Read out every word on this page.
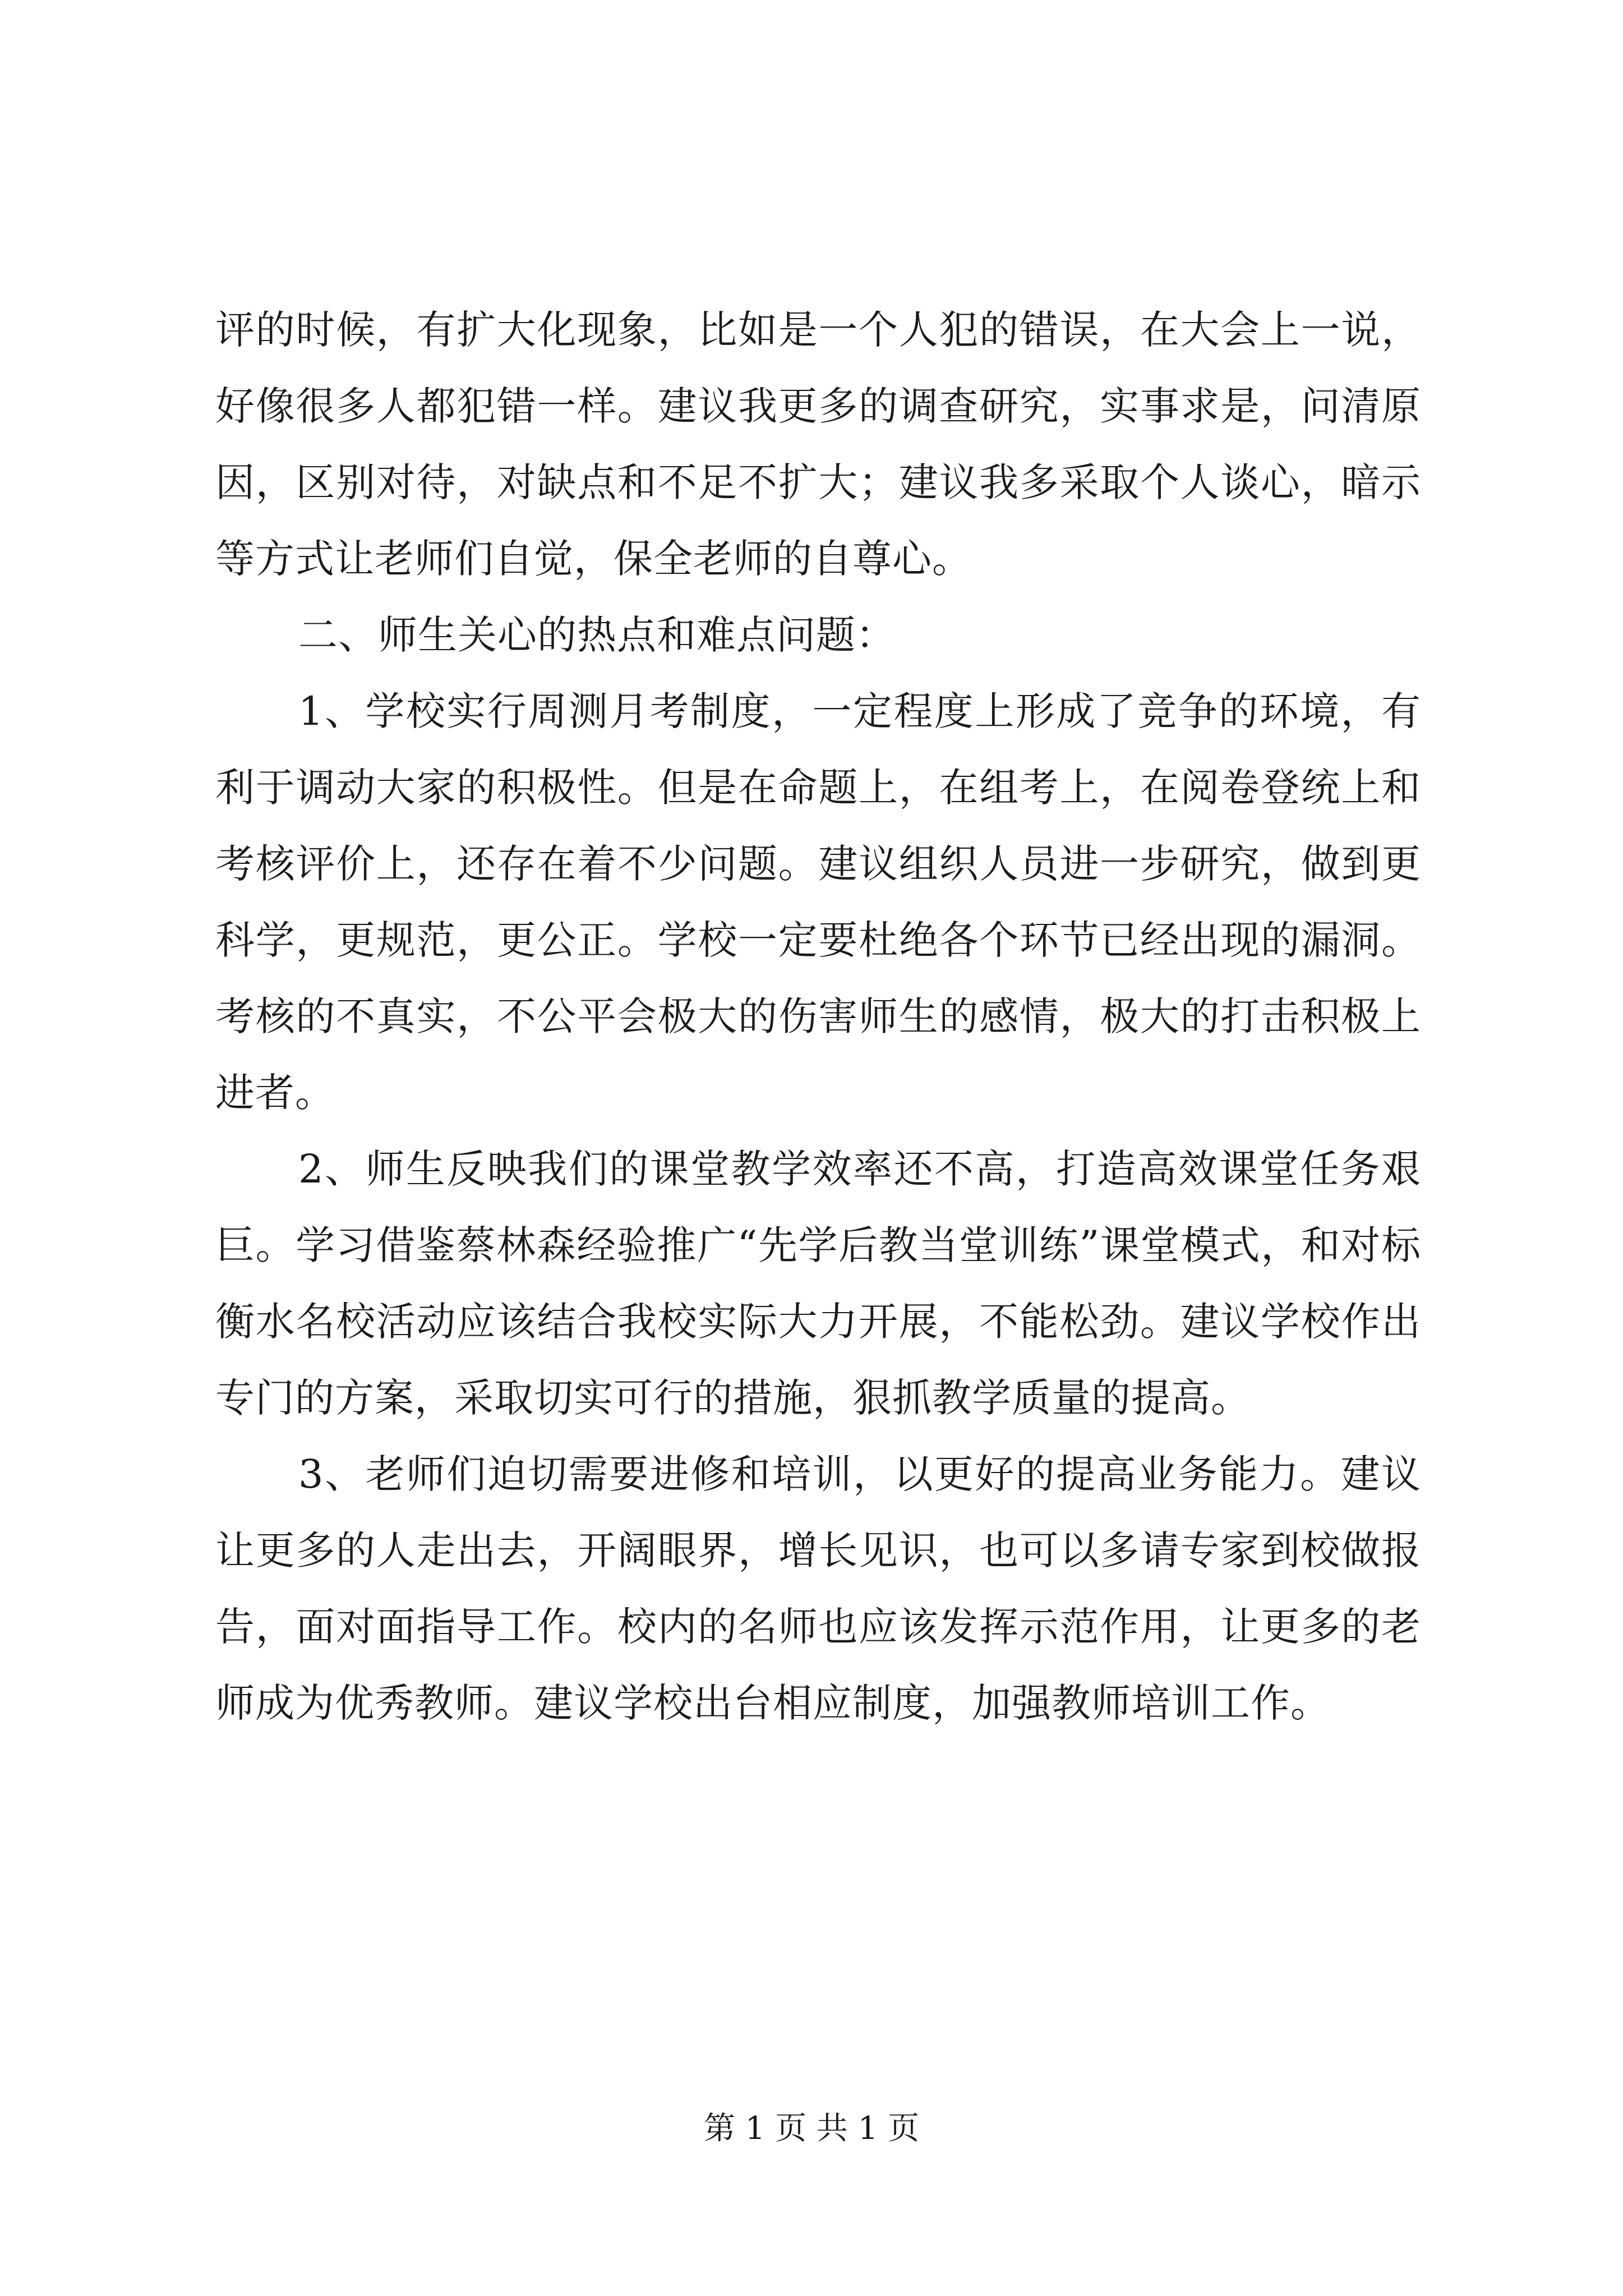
评的时候，有扩大化现象，比如是一个人犯的错误，在大会上一说，好像很多人都犯错一样。建议我更多的调查研究，实事求是，问清原因，区别对待，对缺点和不足不扩大；建议我多采取个人谈心，暗示等方式让老师们自觉，保全老师的自尊心。

二、师生关心的热点和难点问题：

1、学校实行周测月考制度，一定程度上形成了竞争的环境，有利于调动大家的积极性。但是在命题上，在组考上，在阅卷登统上和考核评价上，还存在着不少问题。建议组织人员进一步研究，做到更科学，更规范，更公正。学校一定要杜绝各个环节已经出现的漏洞。考核的不真实，不公平会极大的伤害师生的感情，极大的打击积极上进者。

2、师生反映我们的课堂教学效率还不高，打造高效课堂任务艰巨。学习借鉴蔡林森经验推广“先学后教当堂训练”课堂模式，和对标衡水名校活动应该结合我校实际大力开展，不能松劲。建议学校作出专门的方案，采取切实可行的措施，狠抓教学质量的提高。

3、老师们迫切需要进修和培训，以更好的提高业务能力。建议让更多的人走出去，开阔眼界，增长见识，也可以多请专家到校做报告，面对面指导工作。校内的名师也应该发挥示范作用，让更多的老师成为优秀教师。建议学校出台相应制度，加强教师培训工作。

第 1 页 共 1 页
